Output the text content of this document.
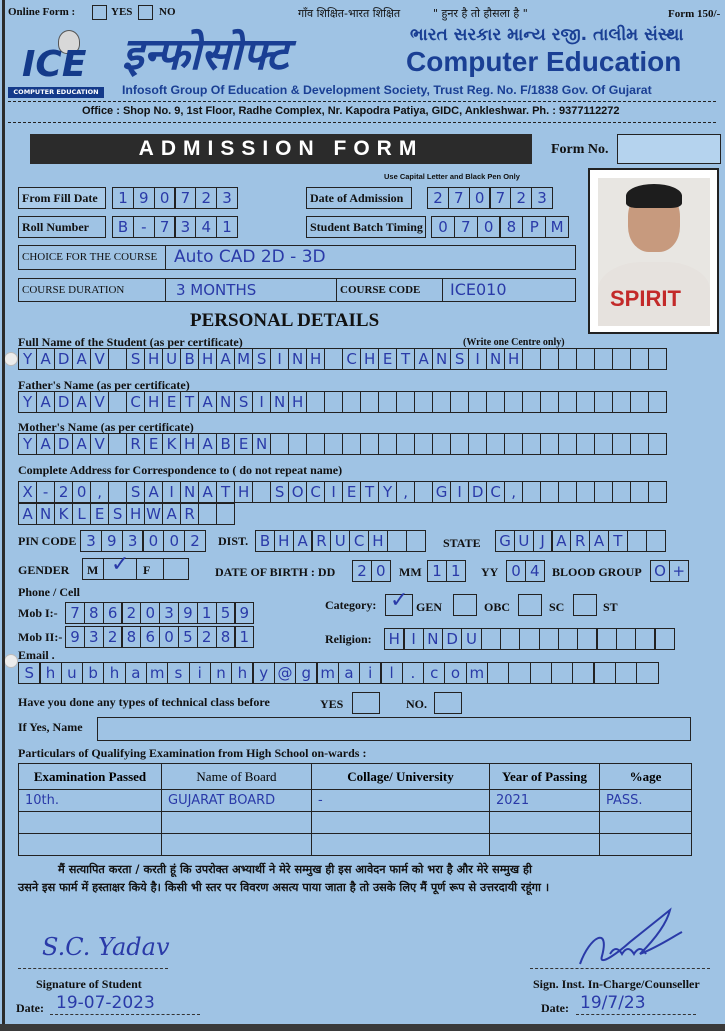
Online Form :	YES NO	गाँव शिक्षित-भारत शिक्षित	" हुनर है तो हौसला है "	Form 150/-
ICE
COMPUTER EDUCATION
इन्फोसोफ्ट	ભારત સરકાર માન્ય રજી. તાલીમ સંસ્થા
Computer Education
Infosoft Group Of Education & Development Society, Trust Reg. No. F/1838 Gov. Of Gujarat
Office : Shop No. 9, 1st Floor, Radhe Complex, Nr. Kapodra Patiya, GIDC, Ankleshwar. Ph. : 9377112272
ADMISSION FORM	Form No.
Use Capital Letter and Black Pen Only
SPIRIT
From Fill Date	1 9 0 7 2 3	Date of Admission	2 7 0 7 2 3
Roll Number	B - 7 3 4 1	Student Batch Timing	0 7 0 8 P M
CHOICE FOR THE COURSE Auto CAD 2D - 3D
COURSE DURATION	3 MONTHS	COURSE CODE ICE010
PERSONAL DETAILS
Full Name of the Student (as per certificate)	(Write one Centre only)
Y A D A V	S H U B H A M S I N H C H E T A N S I N H
Father's Name (as per certificate)
Y A D A V C H E T A N S I N H
Mother's Name (as per certificate)
Y A D A V R E K H A B E N
Complete Address for Correspondence to ( do not repeat name)
X - 2 0 ,	S A I N A T H	S O C I E T Y ,	G I D C ,
A N K L E S H W A R
PIN CODE 3 9 3 0 0 2	DIST. B H A R U C H	STATE G U J A R A T
GENDER M ✓ F	DATE OF BIRTH : DD	2 0	MM 1 1	YY 0 4	BLOOD GROUP O +
Phone / Cell
Mob I:- 7 8 6 2 0 3 9 1 5 9
Mob II:- 9 3 2 8 6 0 5 2 8 1
Category: ✓ GEN	OBC	SC	ST
Religion:	H I N D U
Email .
S h u b h a m s	i n h y @ g m a i	l	. c o m
Have you done any types of technical class before	YES	NO.
If Yes, Name
Particulars of Qualifying Examination from High School on-wards :
Examination Passed	Name of Board	Collage/ University	Year of Passing	%age
10th.	GUJARAT BOARD	-	2021	PASS.

मैं सत्यापित करता / करती हूं कि उपरोक्त अभ्यार्थी ने मेरे सम्मुख ही इस आवेदन फार्म को भरा है और मेरे सम्मुख ही
उसने इस फार्म में हस्ताक्षर किये है। किसी भी स्तर पर विवरण असत्य पाया जाता है तो उसके लिए मैं पूर्ण रूप से उत्तरदायी रहूंगा ।
S.C. Yadav
Signature of Student
Date: 19-07-2023
Sign. Inst. In-Charge/Counseller
Date: 19/7/23
